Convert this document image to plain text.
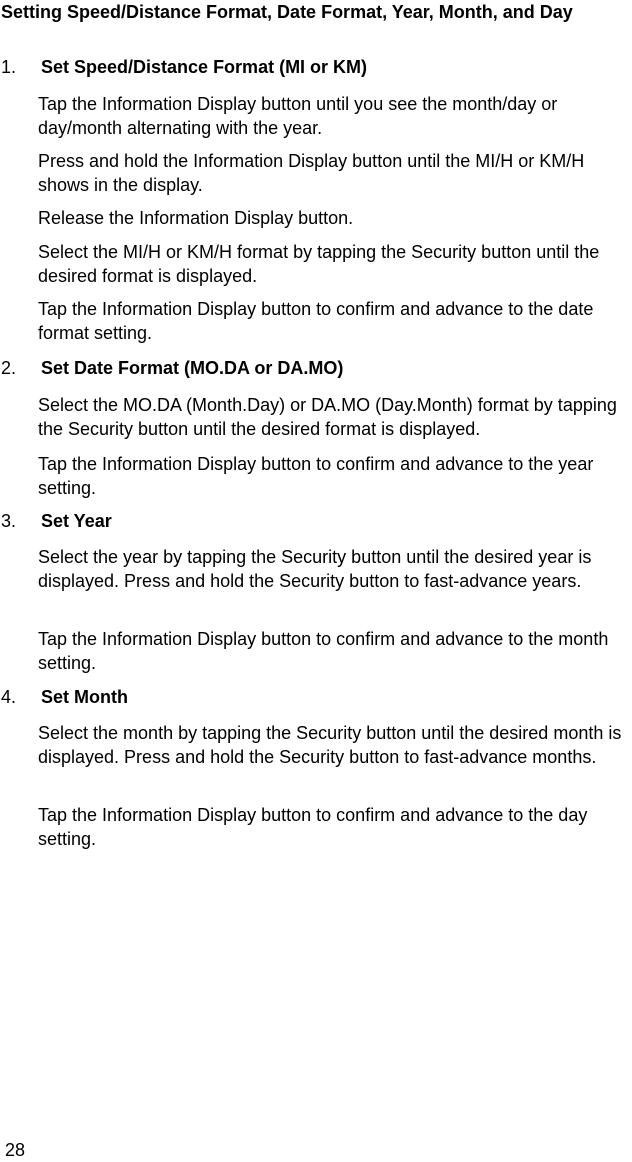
Setting Speed/Distance Format, Date Format, Year, Month, and Day
1. Set Speed/Distance Format (MI or KM)

Tap the Information Display button until you see the month/day or day/month alternating with the year.

Press and hold the Information Display button until the MI/H or KM/H shows in the display.

Release the Information Display button.

Select the MI/H or KM/H format by tapping the Security button until the desired format is displayed.

Tap the Information Display button to confirm and advance to the date format setting.

2. Set Date Format (MO.DA or DA.MO)

Select the MO.DA (Month.Day) or DA.MO (Day.Month) format by tapping the Security button until the desired format is displayed.

Tap the Information Display button to confirm and advance to the year setting.

3. Set Year

Select the year by tapping the Security button until the desired year is displayed. Press and hold the Security button to fast-advance years.

Tap the Information Display button to confirm and advance to the month setting.

4. Set Month

Select the month by tapping the Security button until the desired month is displayed. Press and hold the Security button to fast-advance months.

Tap the Information Display button to confirm and advance to the day setting.

28
